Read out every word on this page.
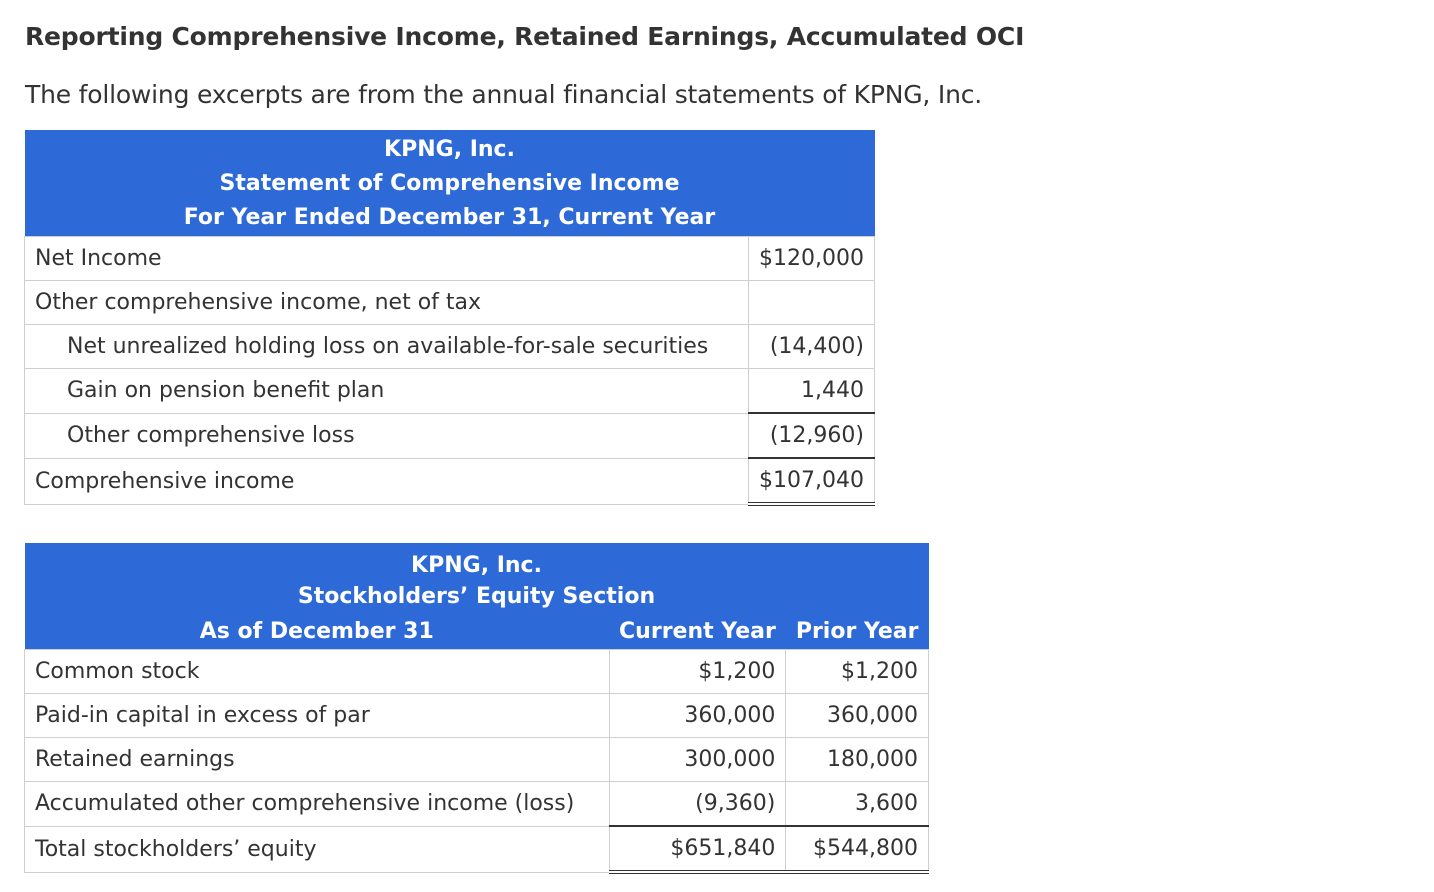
Reporting Comprehensive Income, Retained Earnings, Accumulated OCI
The following excerpts are from the annual financial statements of KPNG, Inc.
KPNG, Inc.
Statement of Comprehensive Income
For Year Ended December 31, Current Year	

Net Income	$120,000
Other comprehensive income, net of tax	
Net unrealized holding loss on available-for-sale securities	(14,400)
Gain on pension benefit plan	1,440
Other comprehensive loss	(12,960)
Comprehensive income	$107,040
KPNG, Inc.		
Stockholders’ Equity Section		
As of December 31	Current Year	Prior Year
Common stock	$1,200	$1,200
Paid-in capital in excess of par	360,000	360,000
Retained earnings	300,000	180,000
Accumulated other comprehensive income (loss)	(9,360)	3,600
Total stockholders’ equity	$651,840	$544,800
